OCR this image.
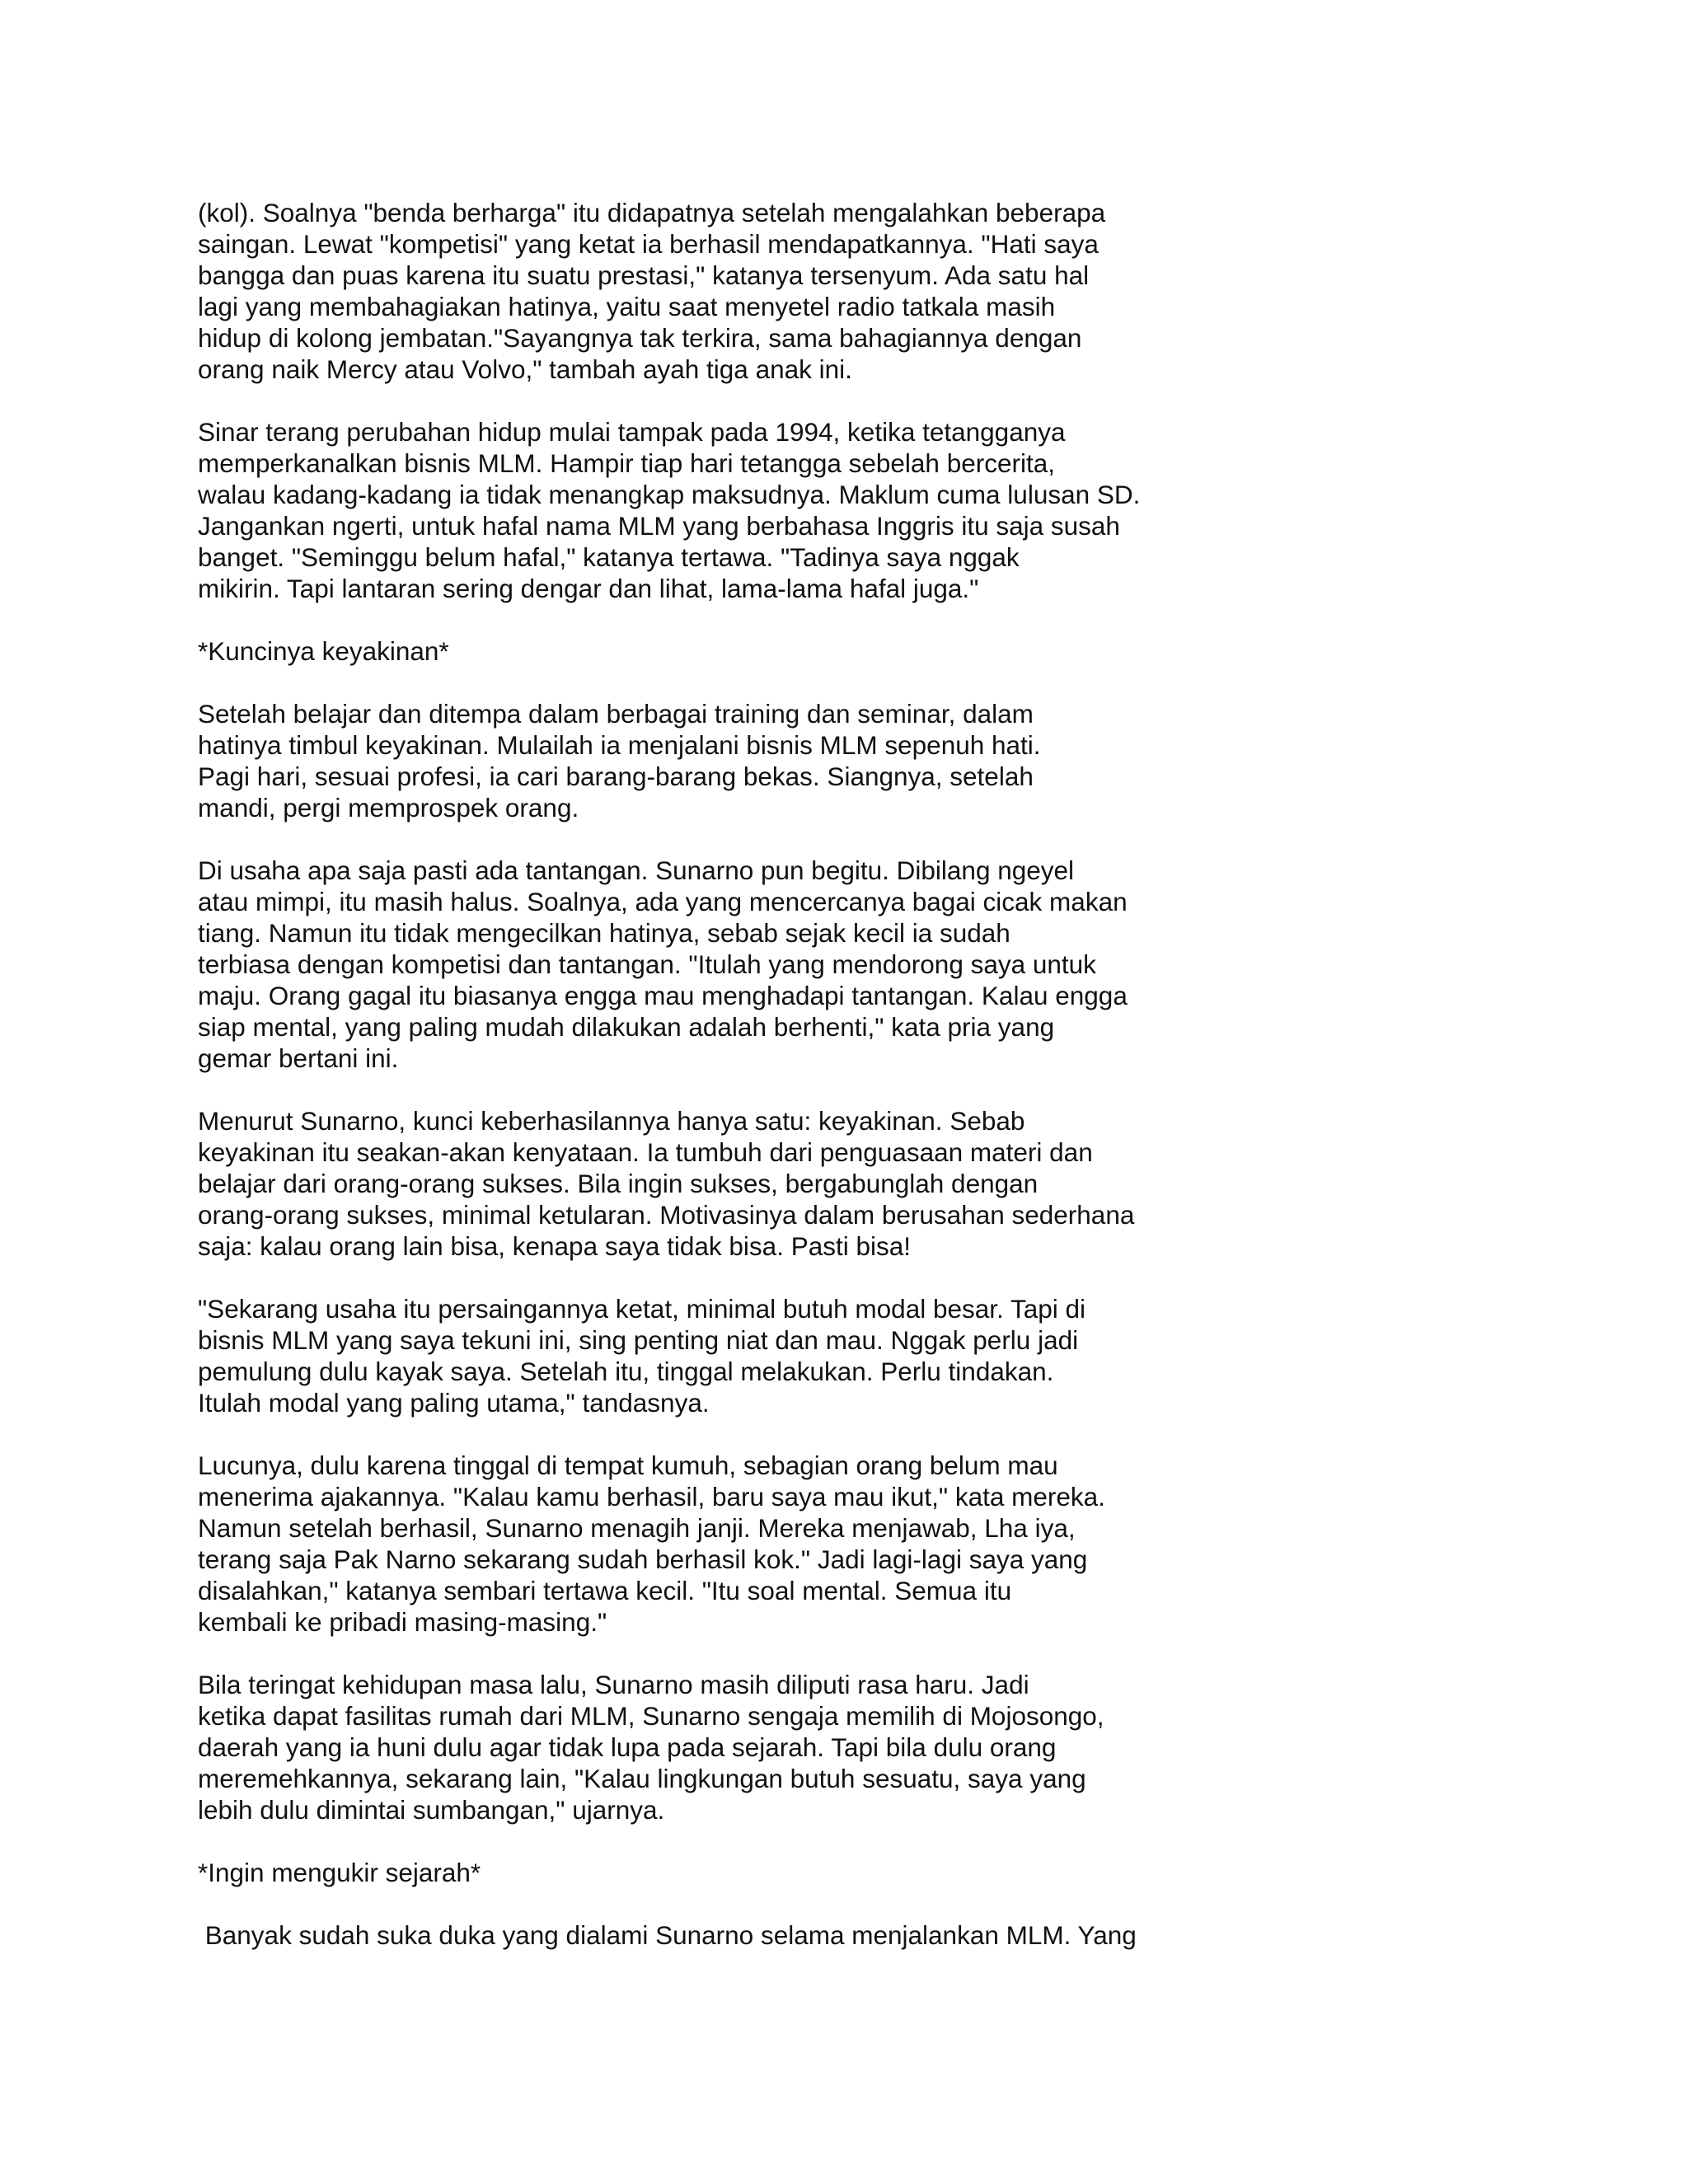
(kol). Soalnya "benda berharga" itu didapatnya setelah mengalahkan beberapa
saingan. Lewat "kompetisi" yang ketat ia berhasil mendapatkannya. "Hati saya
bangga dan puas karena itu suatu prestasi," katanya tersenyum. Ada satu hal
lagi yang membahagiakan hatinya, yaitu saat menyetel radio tatkala masih
hidup di kolong jembatan."Sayangnya tak terkira, sama bahagiannya dengan
orang naik Mercy atau Volvo," tambah ayah tiga anak ini.
Sinar terang perubahan hidup mulai tampak pada 1994, ketika tetangganya
memperkanalkan bisnis MLM. Hampir tiap hari tetangga sebelah bercerita,
walau kadang-kadang ia tidak menangkap maksudnya. Maklum cuma lulusan SD.
Jangankan ngerti, untuk hafal nama MLM yang berbahasa Inggris itu saja susah
banget. "Seminggu belum hafal," katanya tertawa. "Tadinya saya nggak
mikirin. Tapi lantaran sering dengar dan lihat, lama-lama hafal juga."
*Kuncinya keyakinan*
Setelah belajar dan ditempa dalam berbagai training dan seminar, dalam
hatinya timbul keyakinan. Mulailah ia menjalani bisnis MLM sepenuh hati.
Pagi hari, sesuai profesi, ia cari barang-barang bekas. Siangnya, setelah
mandi, pergi memprospek orang.
Di usaha apa saja pasti ada tantangan. Sunarno pun begitu. Dibilang ngeyel
atau mimpi, itu masih halus. Soalnya, ada yang mencercanya bagai cicak makan
tiang. Namun itu tidak mengecilkan hatinya, sebab sejak kecil ia sudah
terbiasa dengan kompetisi dan tantangan. "Itulah yang mendorong saya untuk
maju. Orang gagal itu biasanya engga mau menghadapi tantangan. Kalau engga
siap mental, yang paling mudah dilakukan adalah berhenti," kata pria yang
gemar bertani ini.
Menurut Sunarno, kunci keberhasilannya hanya satu: keyakinan. Sebab
keyakinan itu seakan-akan kenyataan. Ia tumbuh dari penguasaan materi dan
belajar dari orang-orang sukses. Bila ingin sukses, bergabunglah dengan
orang-orang sukses, minimal ketularan. Motivasinya dalam berusahan sederhana
saja: kalau orang lain bisa, kenapa saya tidak bisa. Pasti bisa!
"Sekarang usaha itu persaingannya ketat, minimal butuh modal besar. Tapi di
bisnis MLM yang saya tekuni ini, sing penting niat dan mau. Nggak perlu jadi
pemulung dulu kayak saya. Setelah itu, tinggal melakukan. Perlu tindakan.
Itulah modal yang paling utama," tandasnya.
Lucunya, dulu karena tinggal di tempat kumuh, sebagian orang belum mau
menerima ajakannya. "Kalau kamu berhasil, baru saya mau ikut," kata mereka.
Namun setelah berhasil, Sunarno menagih janji. Mereka menjawab, Lha iya,
terang saja Pak Narno sekarang sudah berhasil kok." Jadi lagi-lagi saya yang
disalahkan," katanya sembari tertawa kecil. "Itu soal mental. Semua itu
kembali ke pribadi masing-masing."
Bila teringat kehidupan masa lalu, Sunarno masih diliputi rasa haru. Jadi
ketika dapat fasilitas rumah dari MLM, Sunarno sengaja memilih di Mojosongo,
daerah yang ia huni dulu agar tidak lupa pada sejarah. Tapi bila dulu orang
meremehkannya, sekarang lain, "Kalau lingkungan butuh sesuatu, saya yang
lebih dulu dimintai sumbangan," ujarnya.
*Ingin mengukir sejarah*
Banyak sudah suka duka yang dialami Sunarno selama menjalankan MLM. Yang
